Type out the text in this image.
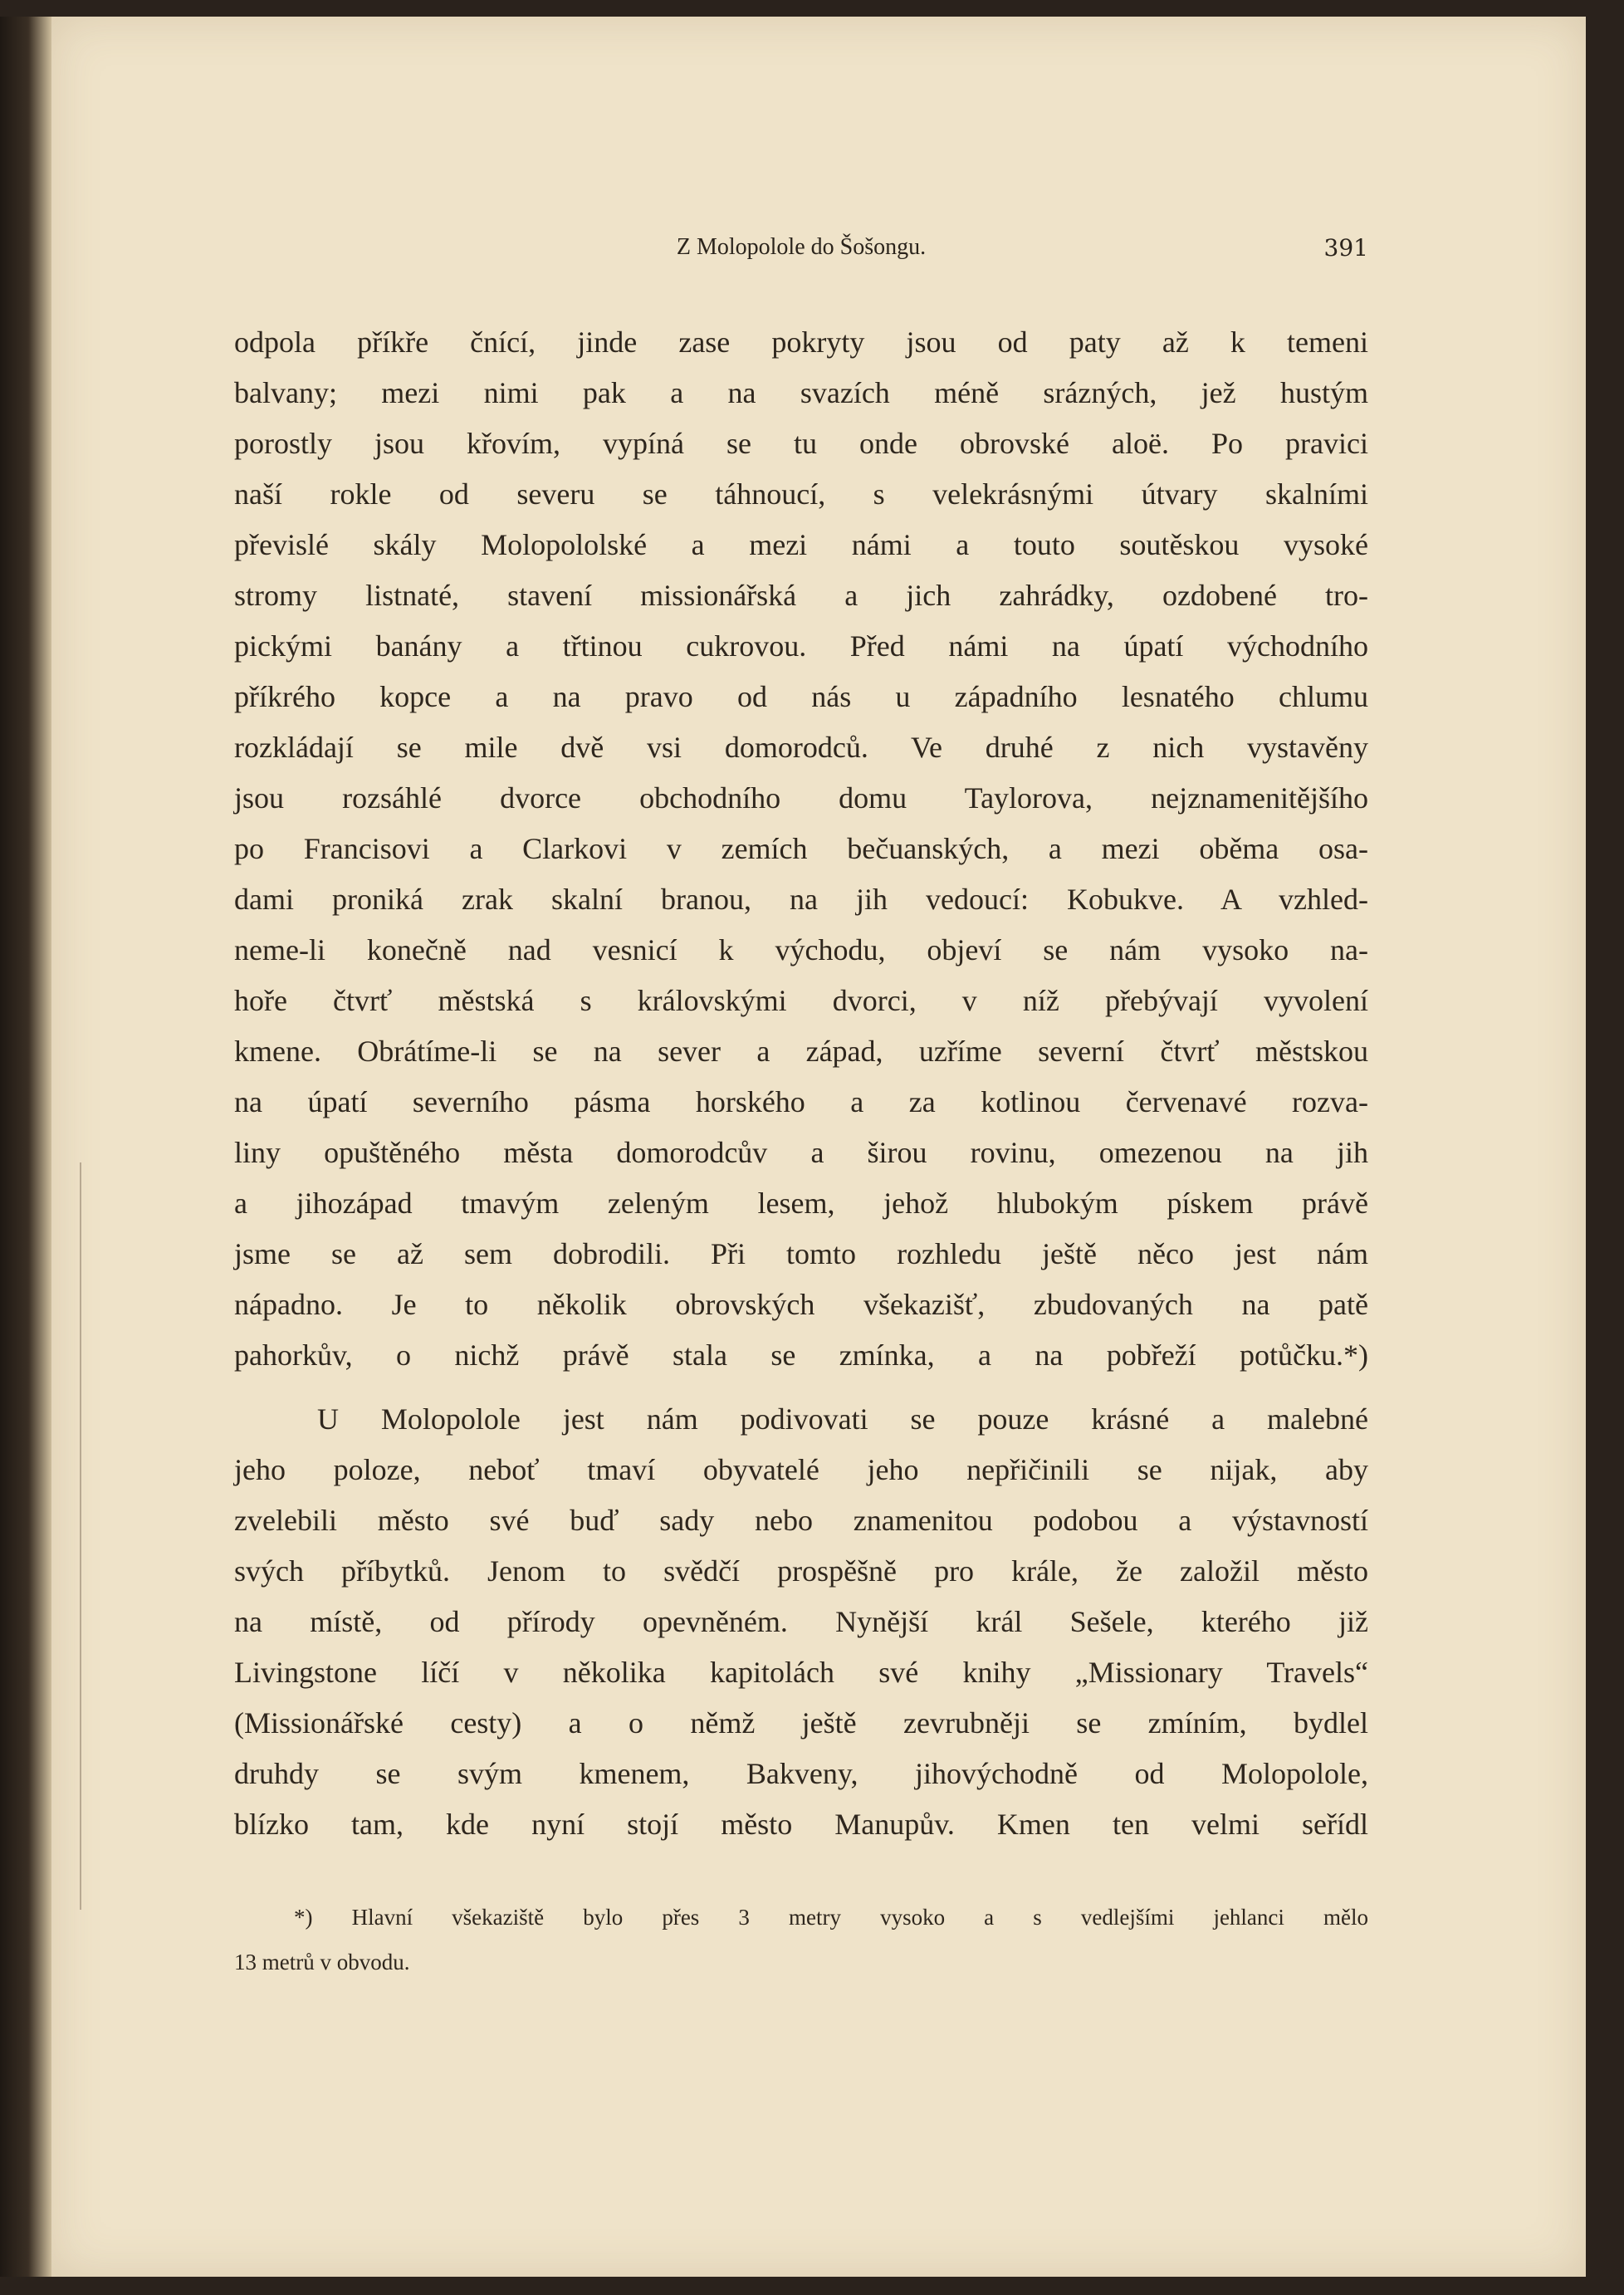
Z Molopolole do Šošongu.	391
odpola příkře čnící, jinde zase pokryty jsou od paty až k temeni
balvany; mezi nimi pak a na svazích méně srázných, jež hustým
porostly jsou křovím, vypíná se tu onde obrovské aloë. Po pravici
naší rokle od severu se táhnoucí, s velekrásnými útvary skalními
převislé skály Molopololské a mezi námi a touto soutěskou vysoké
stromy listnaté, stavení missionářská a jich zahrádky, ozdobené tro-
pickými banány a třtinou cukrovou. Před námi na úpatí východního
příkrého kopce a na pravo od nás u západního lesnatého chlumu
rozkládají se mile dvě vsi domorodců. Ve druhé z nich vystavěny
jsou rozsáhlé dvorce obchodního domu Taylorova, nejznamenitějšího
po Francisovi a Clarkovi v zemích bečuanských, a mezi oběma osa-
dami proniká zrak skalní branou, na jih vedoucí: Kobukve. A vzhled-
neme-li konečně nad vesnicí k východu, objeví se nám vysoko na-
hoře čtvrť městská s královskými dvorci, v níž přebývají vyvolení
kmene. Obrátíme-li se na sever a západ, uzříme severní čtvrť městskou
na úpatí severního pásma horského a za kotlinou červenavé rozva-
liny opuštěného města domorodcův a širou rovinu, omezenou na jih
a jihozápad tmavým zeleným lesem, jehož hlubokým pískem právě
jsme se až sem dobrodili. Při tomto rozhledu ještě něco jest nám
nápadno. Je to několik obrovských všekazišť, zbudovaných na patě
pahorkův, o nichž právě stala se zmínka, a na pobřeží potůčku.*)
U Molopolole jest nám podivovati se pouze krásné a malebné
jeho poloze, neboť tmaví obyvatelé jeho nepřičinili se nijak, aby
zvelebili město své buď sady nebo znamenitou podobou a výstavností
svých příbytků. Jenom to svědčí prospěšně pro krále, že založil město
na místě, od přírody opevněném. Nynější král Sešele, kterého již
Livingstone líčí v několika kapitolách své knihy „Missionary Travels“
(Missionářské cesty) a o němž ještě zevrubněji se zmíním, bydlel
druhdy se svým kmenem, Bakveny, jihovýchodně od Molopolole,
blízko tam, kde nyní stojí město Manupův. Kmen ten velmi seřídl
*) Hlavní všekaziště bylo přes 3 metry vysoko a s vedlejšími jehlanci mělo
13 metrů v obvodu.
